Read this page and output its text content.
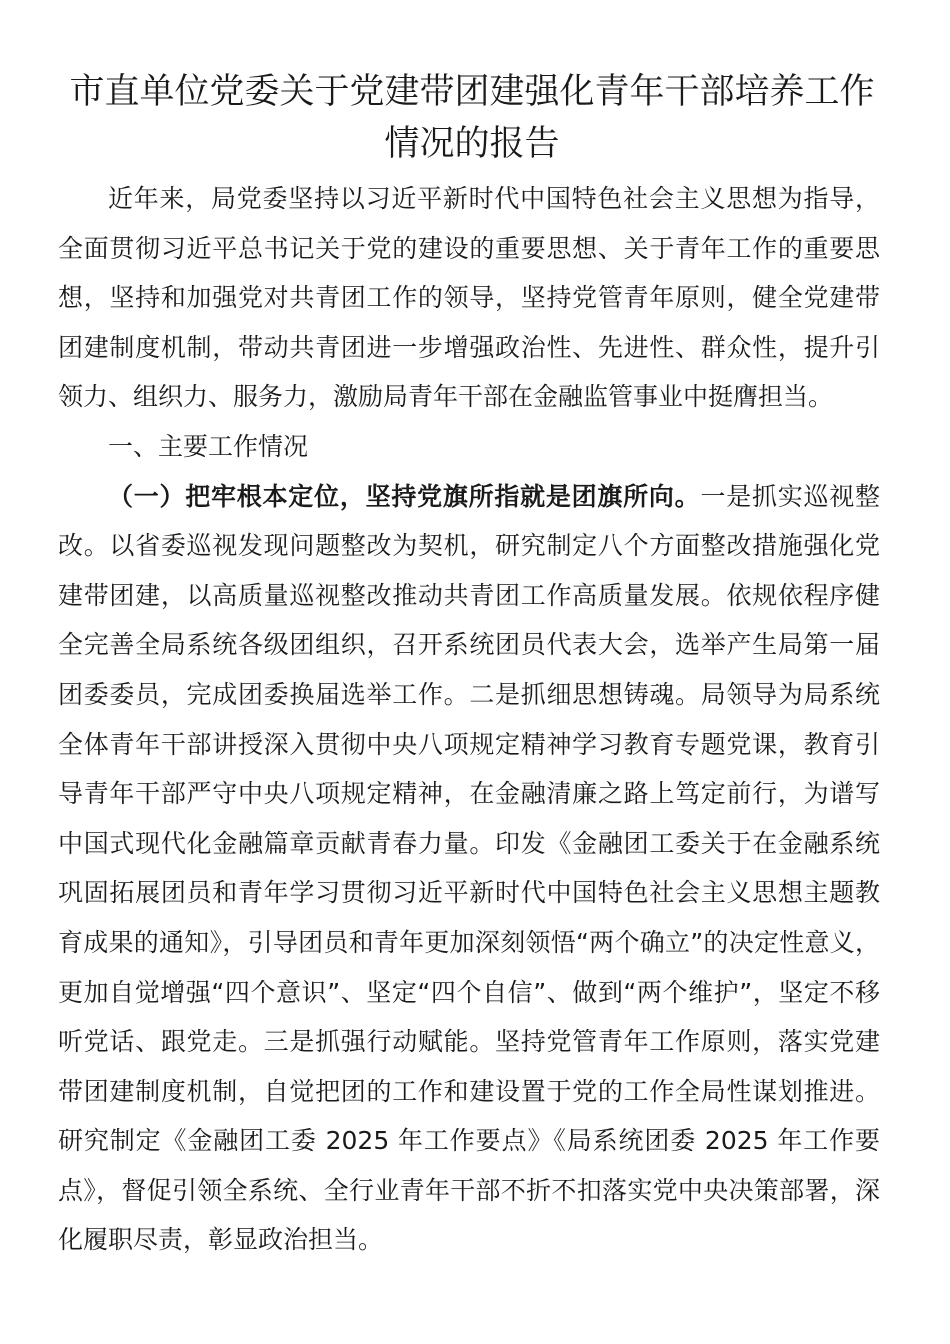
市直单位党委关于党建带团建强化青年干部培养工作
情况的报告

近年来，局党委坚持以习近平新时代中国特色社会主义思想为指导，全面贯彻习近平总书记关于党的建设的重要思想、关于青年工作的重要思想，坚持和加强党对共青团工作的领导，坚持党管青年原则，健全党建带团建制度机制，带动共青团进一步增强政治性、先进性、群众性，提升引领力、组织力、服务力，激励局青年干部在金融监管事业中挺膺担当。

一、主要工作情况

（一）把牢根本定位，坚持党旗所指就是团旗所向。一是抓实巡视整改。以省委巡视发现问题整改为契机，研究制定八个方面整改措施强化党建带团建，以高质量巡视整改推动共青团工作高质量发展。依规依程序健全完善全局系统各级团组织，召开系统团员代表大会，选举产生局第一届团委委员，完成团委换届选举工作。二是抓细思想铸魂。局领导为局系统全体青年干部讲授深入贯彻中央八项规定精神学习教育专题党课，教育引导青年干部严守中央八项规定精神，在金融清廉之路上笃定前行，为谱写中国式现代化金融篇章贡献青春力量。印发《金融团工委关于在金融系统巩固拓展团员和青年学习贯彻习近平新时代中国特色社会主义思想主题教育成果的通知》，引导团员和青年更加深刻领悟“两个确立”的决定性意义，更加自觉增强“四个意识”、坚定“四个自信”、做到“两个维护”，坚定不移听党话、跟党走。三是抓强行动赋能。坚持党管青年工作原则，落实党建带团建制度机制，自觉把团的工作和建设置于党的工作全局性谋划推进。研究制定《金融团工委 2025 年工作要点》《局系统团委 2025 年工作要点》，督促引领全系统、全行业青年干部不折不扣落实党中央决策部署，深化履职尽责，彰显政治担当。
